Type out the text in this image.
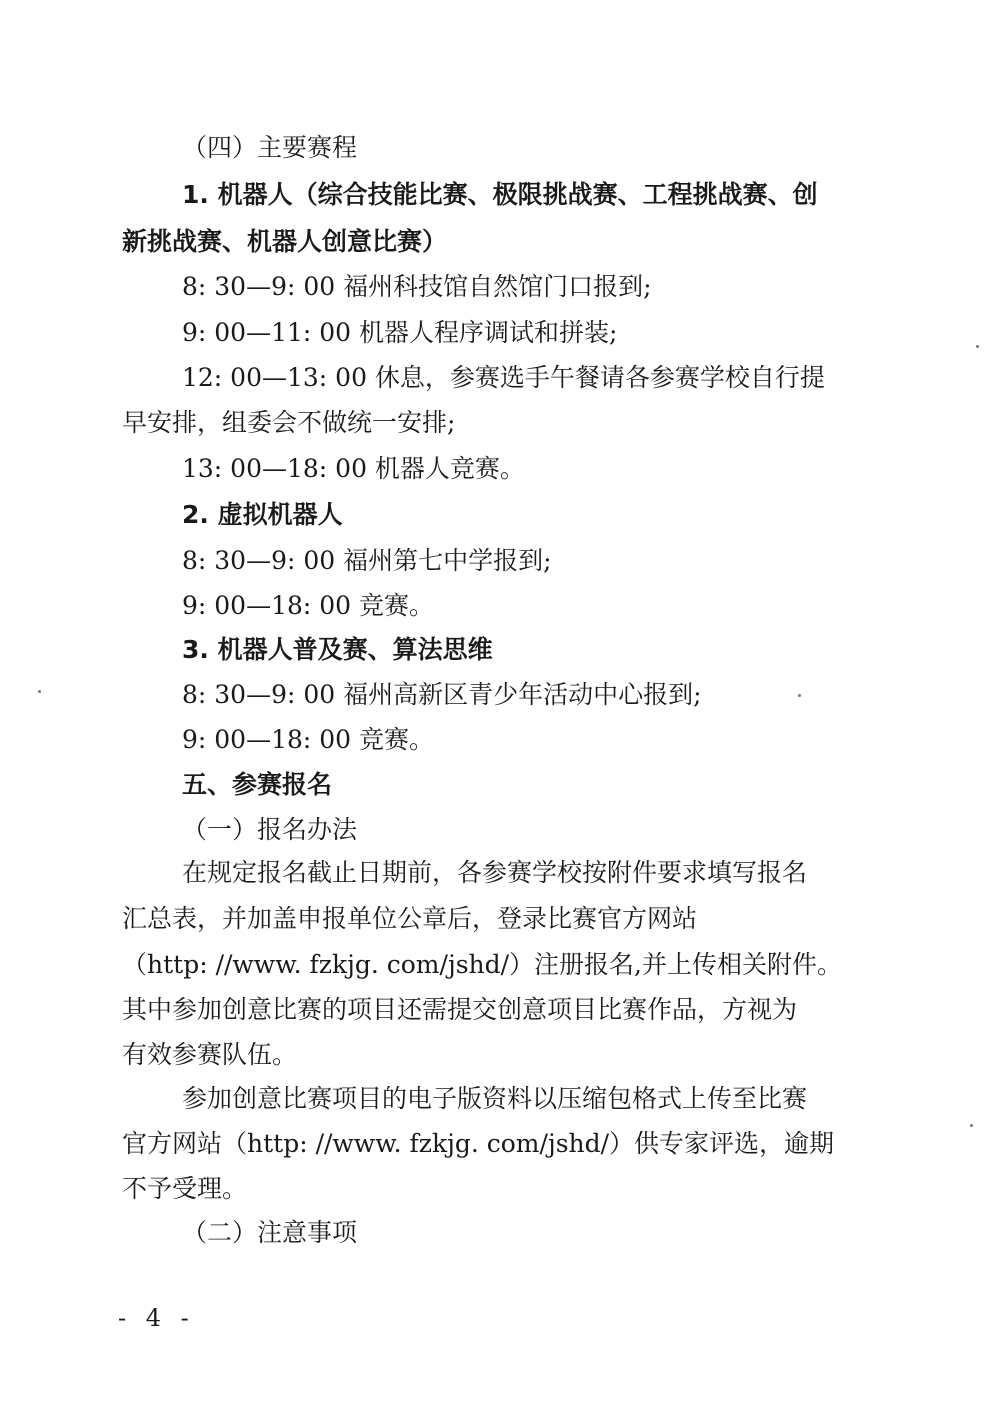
（四）主要赛程
1. 机器人（综合技能比赛、极限挑战赛、工程挑战赛、创
新挑战赛、机器人创意比赛）
8: 30—9: 00 福州科技馆自然馆门口报到;
9: 00—11: 00 机器人程序调试和拼装;
12: 00—13: 00 休息，参赛选手午餐请各参赛学校自行提
早安排，组委会不做统一安排;
13: 00—18: 00 机器人竞赛。
2. 虚拟机器人
8: 30—9: 00 福州第七中学报到;
9: 00—18: 00 竞赛。
3. 机器人普及赛、算法思维
8: 30—9: 00 福州高新区青少年活动中心报到;
9: 00—18: 00 竞赛。
五、参赛报名
（一）报名办法
在规定报名截止日期前，各参赛学校按附件要求填写报名
汇总表，并加盖申报单位公章后，登录比赛官方网站
（http: //www. fzkjg. com/jshd/）注册报名,并上传相关附件。
其中参加创意比赛的项目还需提交创意项目比赛作品，方视为
有效参赛队伍。
参加创意比赛项目的电子版资料以压缩包格式上传至比赛
官方网站（http: //www. fzkjg. com/jshd/）供专家评选，逾期
不予受理。
（二）注意事项
- 4 -
